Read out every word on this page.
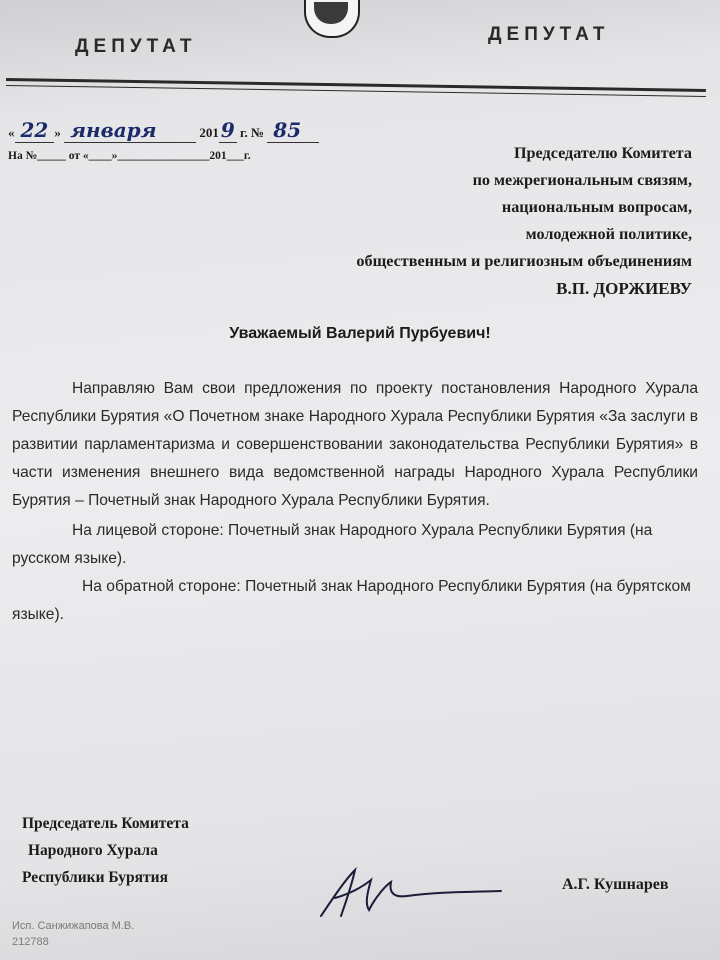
ДЕПУТАТ
ДЕПУТАТ
« 22 » января	201 9 г. № 85
На №_____ от «____»________________201___г.	Председателю Комитета
по межрегиональным связям,
национальным вопросам,
молодежной политике,
общественным и религиозным объединениям
В.П. ДОРЖИЕВУ
Уважаемый Валерий Пурбуевич!

Направляю Вам свои предложения по проекту постановления Народного Хурала Республики Бурятия «О Почетном знаке Народного Хурала Республики Бурятия «За заслуги в развитии парламентаризма и совершенствовании законодательства Республики Бурятия» в части изменения внешнего вида ведомственной награды Народного Хурала Республики Бурятия – Почетный знак Народного Хурала Республики Бурятия.

На лицевой стороне: Почетный знак Народного Хурала Республики Бурятия (на русском языке).

На обратной стороне: Почетный знак Народного Республики Бурятия (на бурятском языке).

Председатель Комитета
Народного Хурала
Республики Бурятия	А.Г. Кушнарев
Исп. Санжижапова М.В.
212788
